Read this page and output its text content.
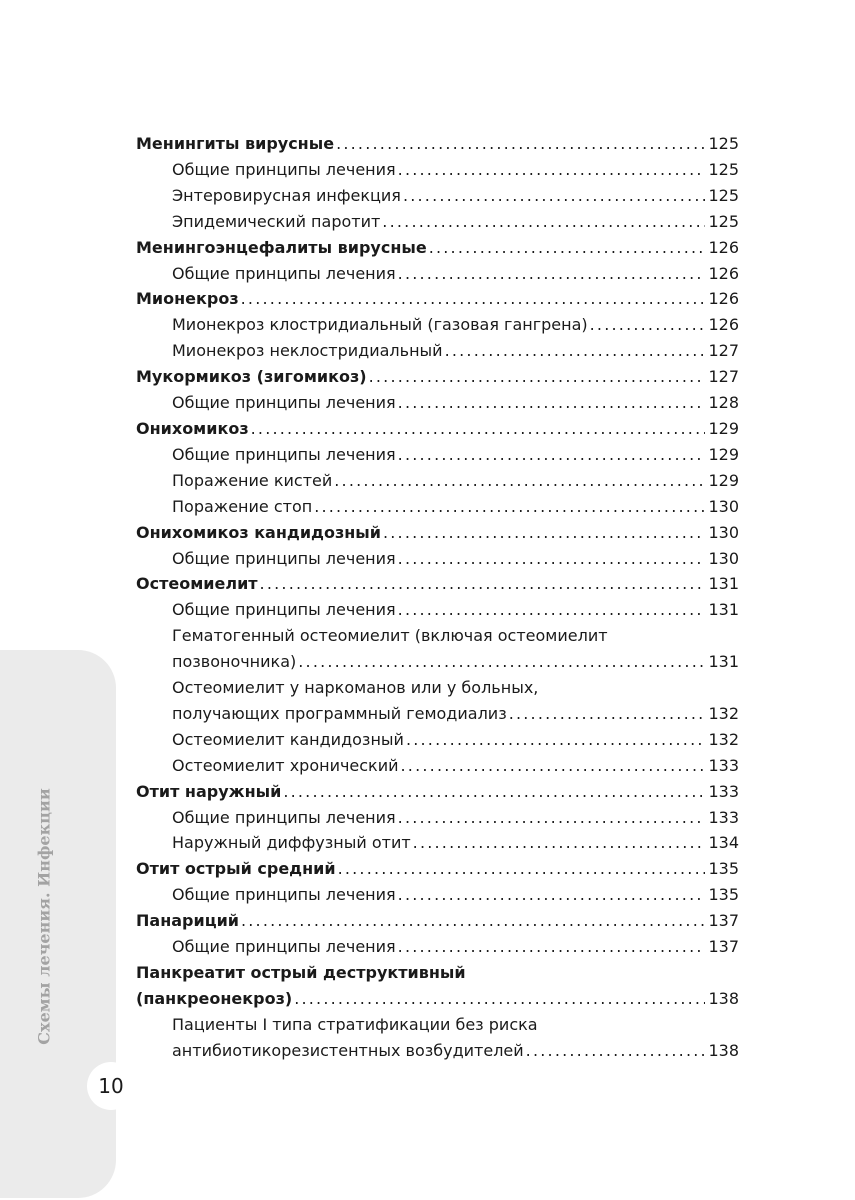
Схемы лечения. Инфекции
10
Менингиты вирусные .....	125
Общие принципы лечения .....	125
Энтеровирусная инфекция .....	125
Эпидемический паротит .....	125
Менингоэнцефалиты вирусные .....	126
Общие принципы лечения .....	126
Мионекроз .....	126
Мионекроз клостридиальный (газовая гангрена) .....	126
Мионекроз неклостридиальный .....	127
Мукормикоз (зигомикоз) .....	127
Общие принципы лечения .....	128
Онихомикоз .....	129
Общие принципы лечения .....	129
Поражение кистей .....	129
Поражение стоп .....	130
Онихомикоз кандидозный .....	130
Общие принципы лечения .....	130
Остеомиелит .....	131
Общие принципы лечения .....	131
Гематогенный остеомиелит (включая остеомиелит
позвоночника) .....	131
Остеомиелит у наркоманов или у больных,
получающих программный гемодиализ .....	132
Остеомиелит кандидозный .....	132
Остеомиелит хронический .....	133
Отит наружный .....	133
Общие принципы лечения .....	133
Наружный диффузный отит .....	134
Отит острый средний .....	135
Общие принципы лечения .....	135
Панариций .....	137
Общие принципы лечения .....	137
Панкреатит острый деструктивный
(панкреонекроз) .....	138
Пациенты I типа стратификации без риска
антибиотикорезистентных возбудителей .....	138
